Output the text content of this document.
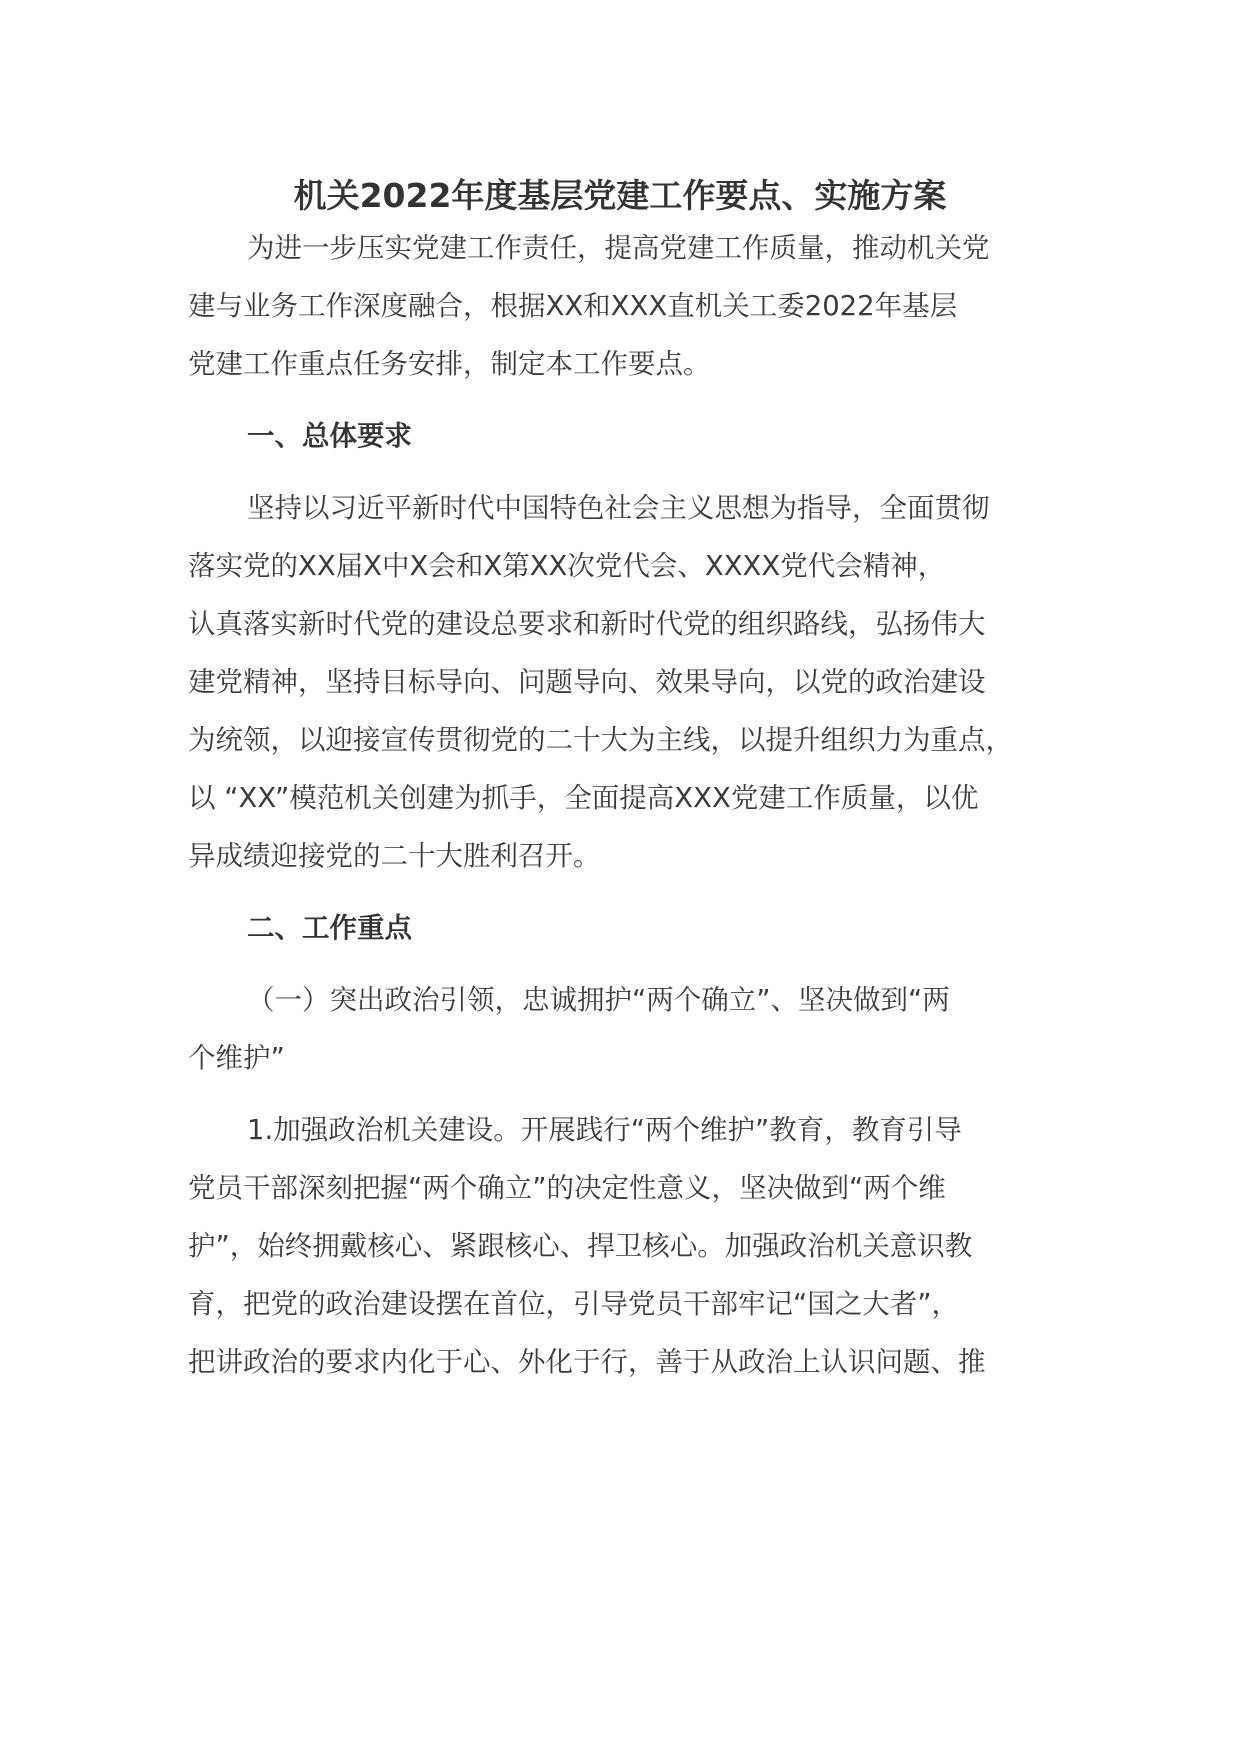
机关2022年度基层党建工作要点、实施方案

为进一步压实党建工作责任，提高党建工作质量，推动机关党

建与业务工作深度融合，根据XX和XXX直机关工委2022年基层

党建工作重点任务安排，制定本工作要点。

一、总体要求

坚持以习近平新时代中国特色社会主义思想为指导，全面贯彻

落实党的XX届X中X会和X第XX次党代会、XXXX党代会精神，

认真落实新时代党的建设总要求和新时代党的组织路线，弘扬伟大

建党精神，坚持目标导向、问题导向、效果导向，以党的政治建设

为统领，以迎接宣传贯彻党的二十大为主线，以提升组织力为重点，

以 “XX”模范机关创建为抓手，全面提高XXX党建工作质量，以优

异成绩迎接党的二十大胜利召开。

二、工作重点

（一）突出政治引领，忠诚拥护“两个确立”、坚决做到“两

个维护”

1.加强政治机关建设。开展践行“两个维护”教育，教育引导

党员干部深刻把握“两个确立”的决定性意义，坚决做到“两个维

护”，始终拥戴核心、紧跟核心、捍卫核心。加强政治机关意识教

育，把党的政治建设摆在首位，引导党员干部牢记“国之大者”，

把讲政治的要求内化于心、外化于行，善于从政治上认识问题、推
